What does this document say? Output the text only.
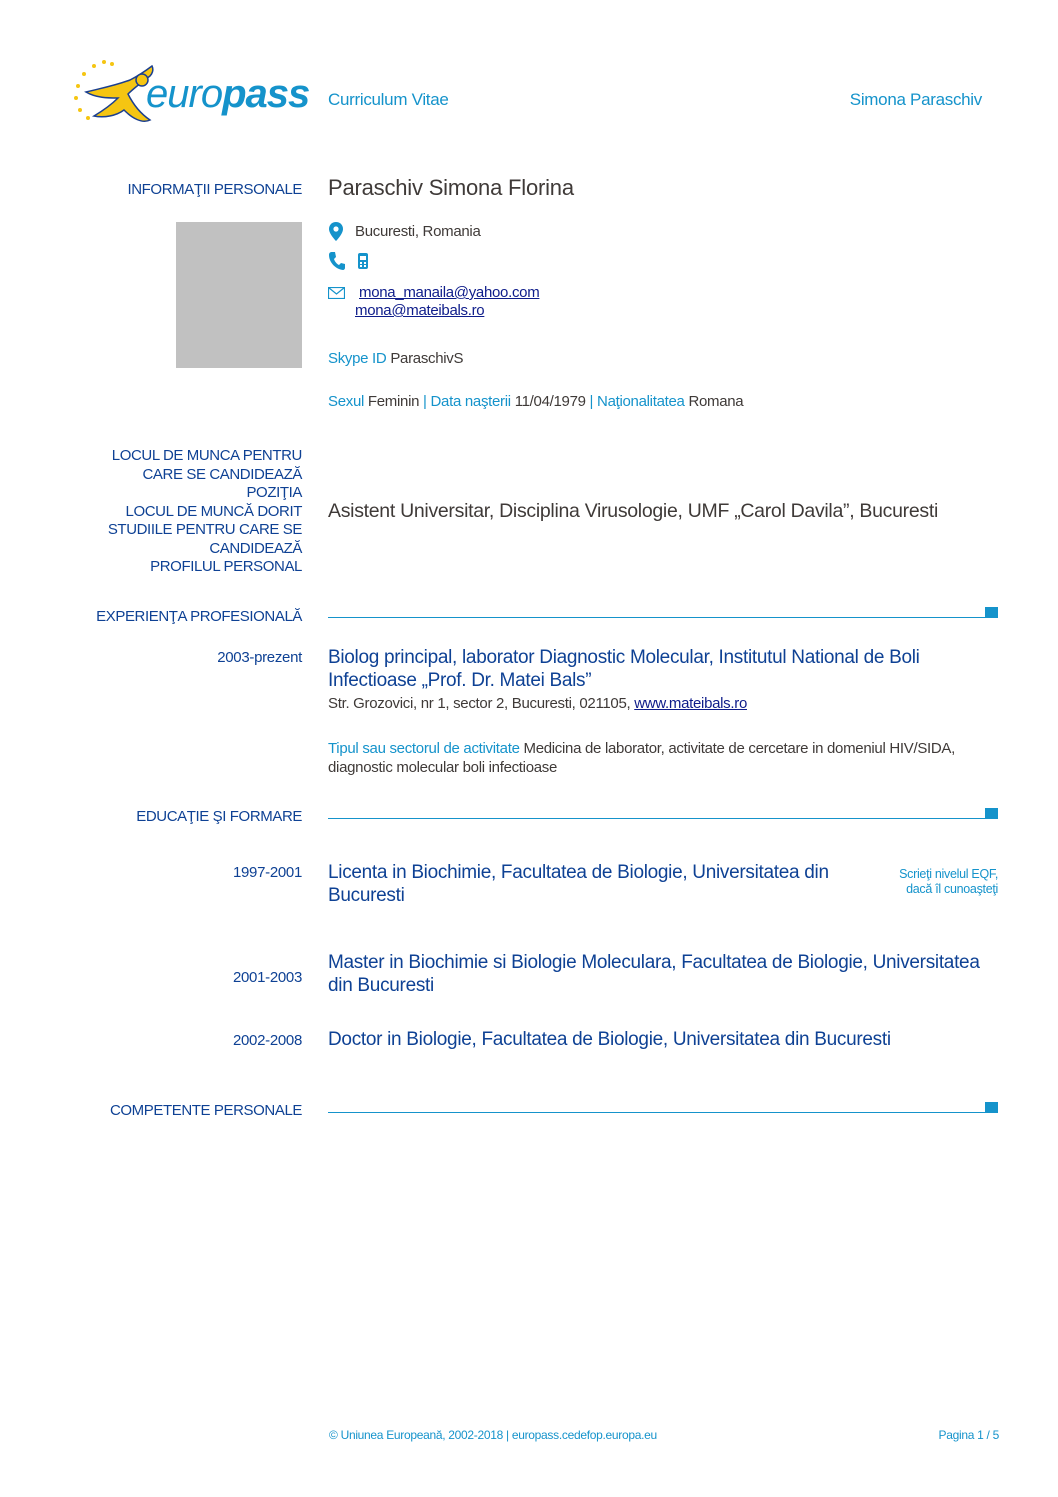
europass Curriculum Vitae	Simona Paraschiv
INFORMAŢII PERSONALE Paraschiv Simona Florina
Bucuresti, Romania
mona_manaila@yahoo.com
mona@mateibals.ro
Skype ID ParaschivS
Sexul Feminin | Data naşterii 11/04/1979 | Naţionalitatea Romana
LOCUL DE MUNCA PENTRU
CARE SE CANDIDEAZĂ
POZIŢIA
LOCUL DE MUNCĂ DORIT
STUDIILE PENTRU CARE SE
CANDIDEAZĂ
PROFILUL PERSONAL
Asistent Universitar, Disciplina Virusologie, UMF „Carol Davila”, Bucuresti
EXPERIENŢA PROFESIONALĂ
2003-prezent Biolog principal, laborator Diagnostic Molecular, Institutul National de Boli
Infectioase „Prof. Dr. Matei Bals”
Str. Grozovici, nr 1, sector 2, Bucuresti, 021105, www.mateibals.ro
Tipul sau sectorul de activitate Medicina de laborator, activitate de cercetare in domeniul HIV/SIDA,
diagnostic molecular boli infectioase
EDUCAŢIE ŞI FORMARE
1997-2001 Licenta in Biochimie, Facultatea de Biologie, Universitatea din
Bucuresti
Scrieţi nivelul EQF,
dacă îl cunoaşteţi
2001-2003
Master in Biochimie si Biologie Moleculara, Facultatea de Biologie, Universitatea
din Bucuresti
2002-2008 Doctor in Biologie, Facultatea de Biologie, Universitatea din Bucuresti
COMPETENTE PERSONALE
© Uniunea Europeană, 2002-2018 | europass.cedefop.europa.eu	Pagina 1 / 5
